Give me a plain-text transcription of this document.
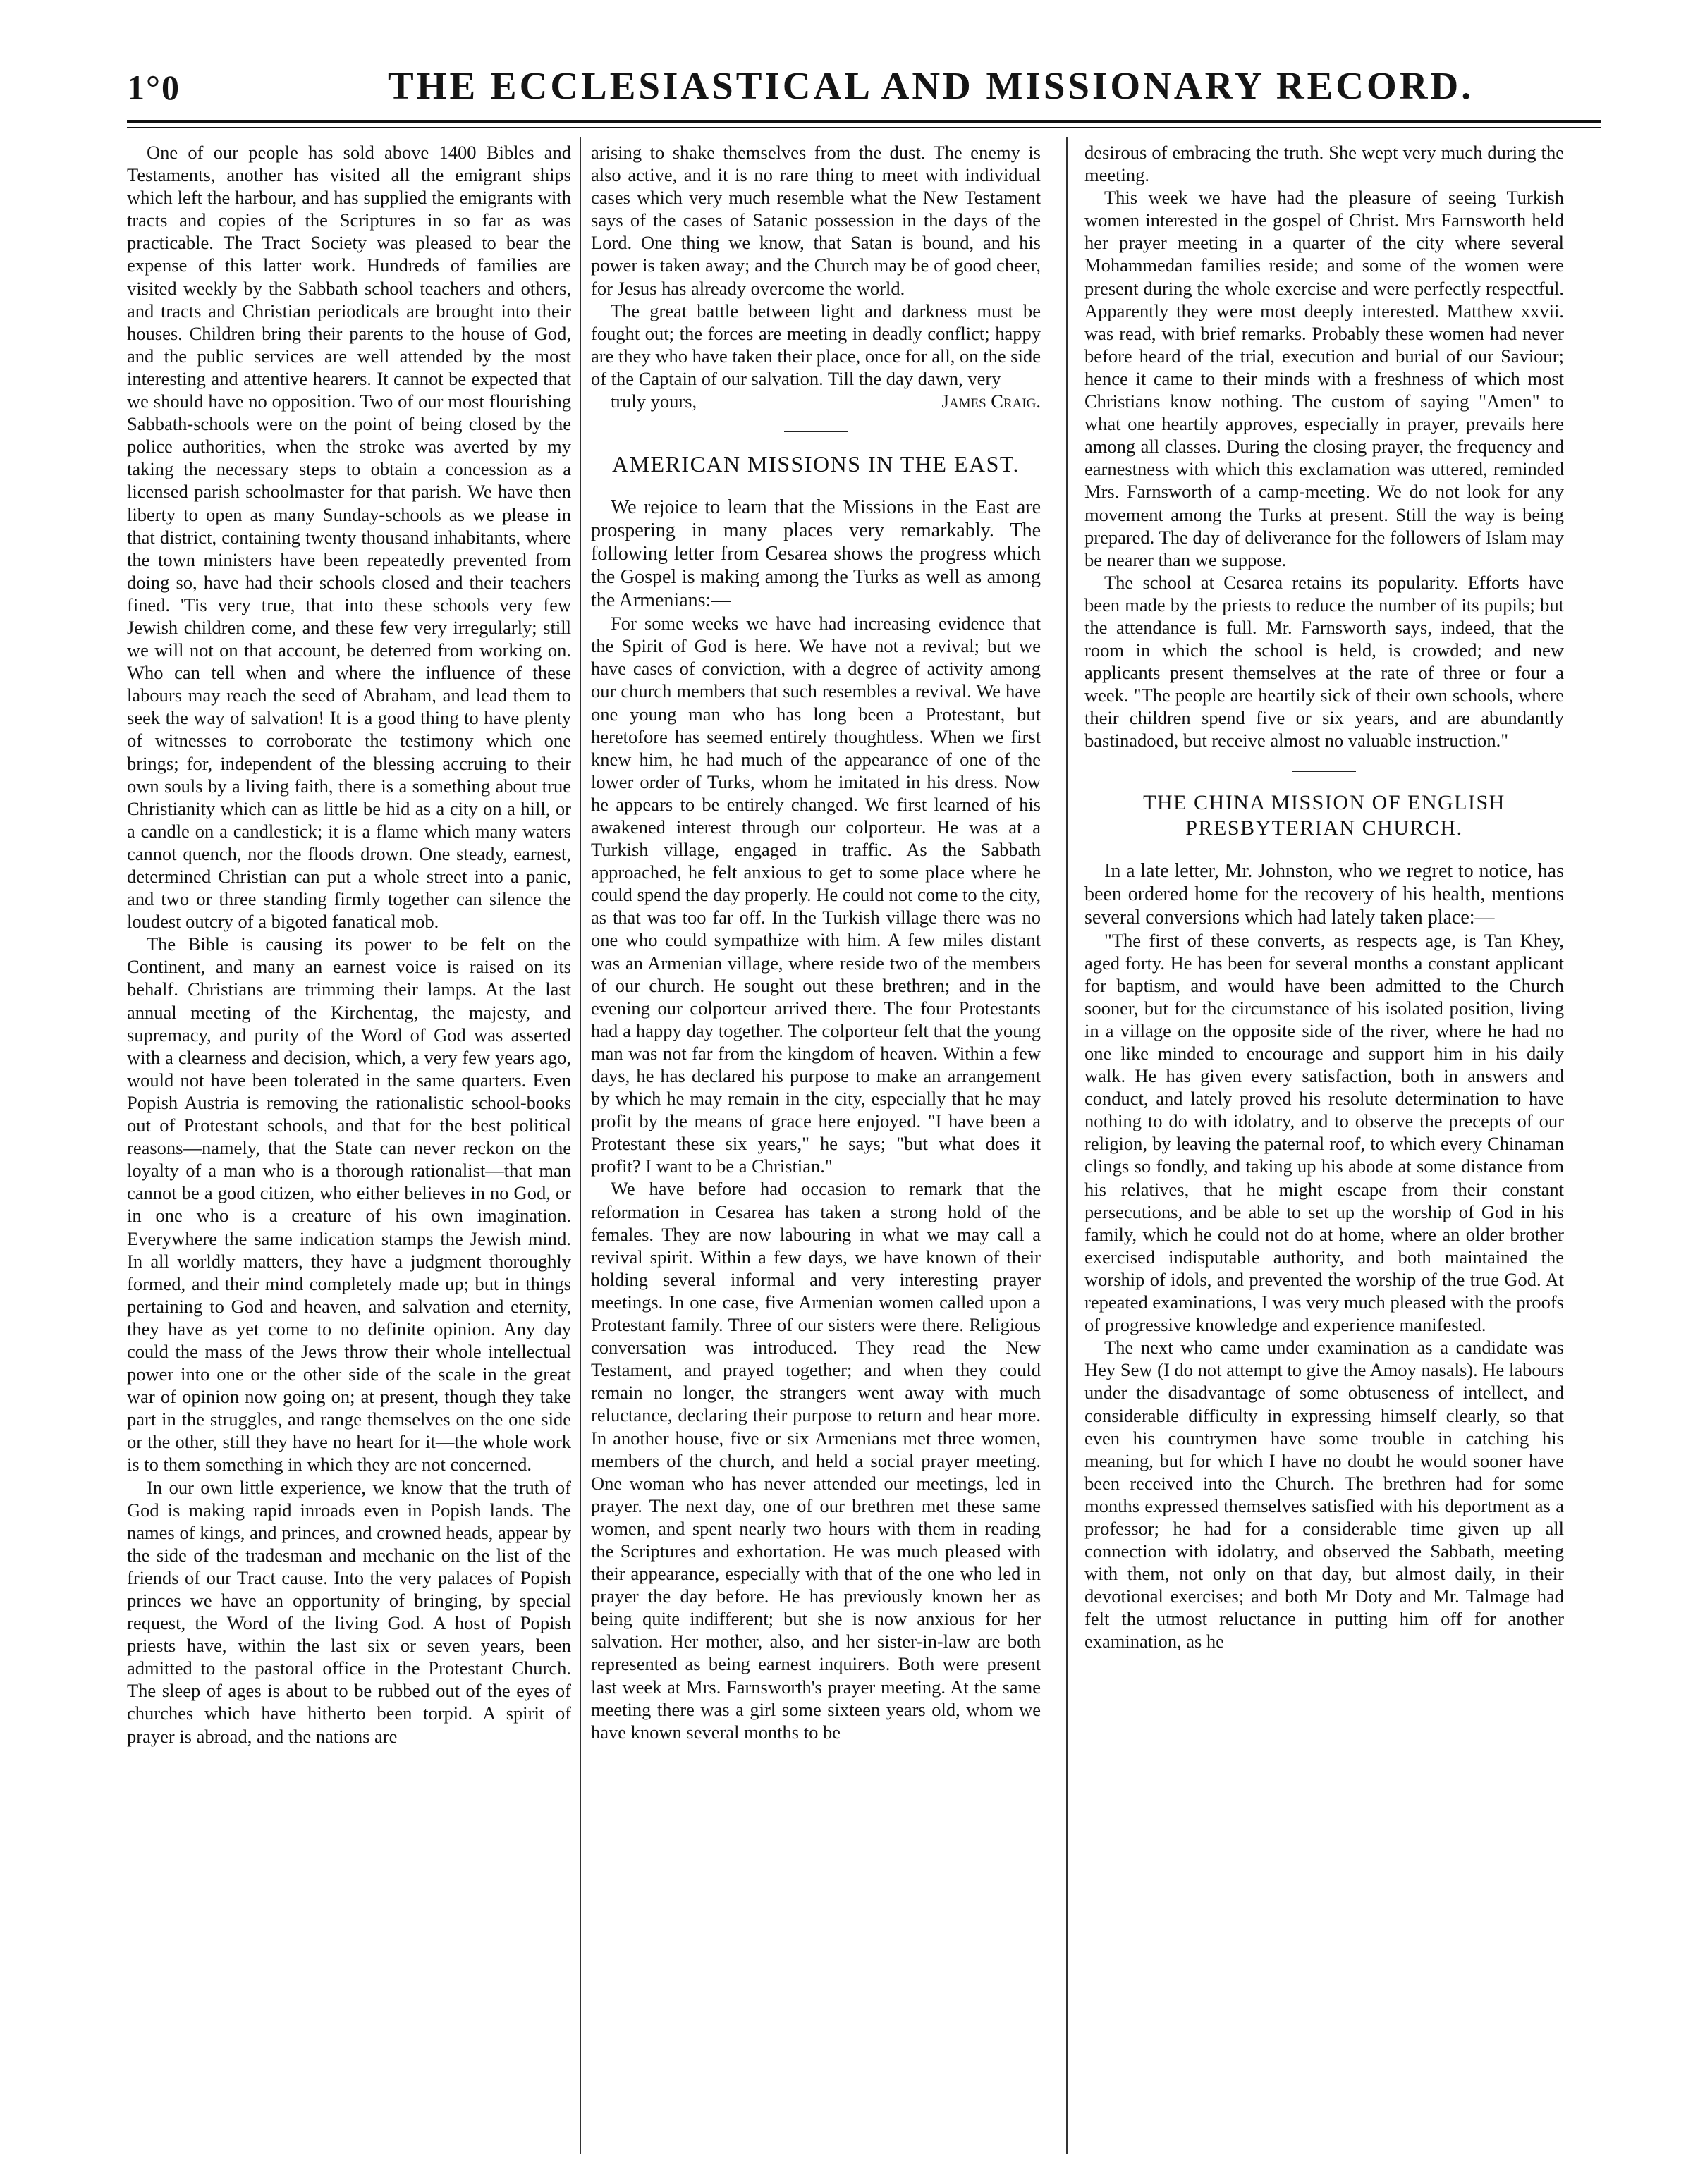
1°0	THE ECCLESIASTICAL AND MISSIONARY RECORD.

One of our people has sold above 1400 Bibles and Testaments, another has visited all the emigrant ships which left the harbour, and has supplied the emigrants with tracts and copies of the Scriptures in so far as was practicable. The Tract Society was pleased to bear the expense of this latter work. Hundreds of families are visited weekly by the Sabbath school teachers and others, and tracts and Christian periodicals are brought into their houses. Children bring their parents to the house of God, and the public services are well attended by the most interesting and attentive hearers. It cannot be expected that we should have no opposition. Two of our most flourishing Sabbath-schools were on the point of being closed by the police authorities, when the stroke was averted by my taking the necessary steps to obtain a concession as a licensed parish schoolmaster for that parish. We have then liberty to open as many Sunday-schools as we please in that district, containing twenty thousand inhabitants, where the town ministers have been repeatedly prevented from doing so, have had their schools closed and their teachers fined. 'Tis very true, that into these schools very few Jewish children come, and these few very irregularly; still we will not on that account, be deterred from working on. Who can tell when and where the influence of these labours may reach the seed of Abraham, and lead them to seek the way of salvation! It is a good thing to have plenty of witnesses to corroborate the testimony which one brings; for, independent of the blessing accruing to their own souls by a living faith, there is a something about true Christianity which can as little be hid as a city on a hill, or a candle on a candlestick; it is a flame which many waters cannot quench, nor the floods drown. One steady, earnest, determined Christian can put a whole street into a panic, and two or three standing firmly together can silence the loudest outcry of a bigoted fanatical mob.

The Bible is causing its power to be felt on the Continent, and many an earnest voice is raised on its behalf. Christians are trimming their lamps. At the last annual meeting of the Kirchentag, the majesty, and supremacy, and purity of the Word of God was asserted with a clearness and decision, which, a very few years ago, would not have been tolerated in the same quarters. Even Popish Austria is removing the rationalistic school-books out of Protestant schools, and that for the best political reasons—namely, that the State can never reckon on the loyalty of a man who is a thorough rationalist—that man cannot be a good citizen, who either believes in no God, or in one who is a creature of his own imagination. Everywhere the same indication stamps the Jewish mind. In all worldly matters, they have a judgment thoroughly formed, and their mind completely made up; but in things pertaining to God and heaven, and salvation and eternity, they have as yet come to no definite opinion. Any day could the mass of the Jews throw their whole intellectual power into one or the other side of the scale in the great war of opinion now going on; at present, though they take part in the struggles, and range themselves on the one side or the other, still they have no heart for it—the whole work is to them something in which they are not concerned.

In our own little experience, we know that the truth of God is making rapid inroads even in Popish lands. The names of kings, and princes, and crowned heads, appear by the side of the tradesman and mechanic on the list of the friends of our Tract cause. Into the very palaces of Popish princes we have an opportunity of bringing, by special request, the Word of the living God. A host of Popish priests have, within the last six or seven years, been admitted to the pastoral office in the Protestant Church. The sleep of ages is about to be rubbed out of the eyes of churches which have hitherto been torpid. A spirit of prayer is abroad, and the nations are

arising to shake themselves from the dust. The enemy is also active, and it is no rare thing to meet with individual cases which very much resemble what the New Testament says of the cases of Satanic possession in the days of the Lord. One thing we know, that Satan is bound, and his power is taken away; and the Church may be of good cheer, for Jesus has already overcome the world.

The great battle between light and darkness must be fought out; the forces are meeting in deadly conflict; happy are they who have taken their place, once for all, on the side of the Captain of our salvation. Till the day dawn, very

truly yours,	James Craig.

AMERICAN MISSIONS IN THE EAST.

We rejoice to learn that the Missions in the East are prospering in many places very remarkably. The following letter from Cesarea shows the progress which the Gospel is making among the Turks as well as among the Armenians:—

For some weeks we have had increasing evidence that the Spirit of God is here. We have not a revival; but we have cases of conviction, with a degree of activity among our church members that such resembles a revival. We have one young man who has long been a Protestant, but heretofore has seemed entirely thoughtless. When we first knew him, he had much of the appearance of one of the lower order of Turks, whom he imitated in his dress. Now he appears to be entirely changed. We first learned of his awakened interest through our colporteur. He was at a Turkish village, engaged in traffic. As the Sabbath approached, he felt anxious to get to some place where he could spend the day properly. He could not come to the city, as that was too far off. In the Turkish village there was no one who could sympathize with him. A few miles distant was an Armenian village, where reside two of the members of our church. He sought out these brethren; and in the evening our colporteur arrived there. The four Protestants had a happy day together. The colporteur felt that the young man was not far from the kingdom of heaven. Within a few days, he has declared his purpose to make an arrangement by which he may remain in the city, especially that he may profit by the means of grace here enjoyed. "I have been a Protestant these six years," he says; "but what does it profit? I want to be a Christian."

We have before had occasion to remark that the reformation in Cesarea has taken a strong hold of the females. They are now labouring in what we may call a revival spirit. Within a few days, we have known of their holding several informal and very interesting prayer meetings. In one case, five Armenian women called upon a Protestant family. Three of our sisters were there. Religious conversation was introduced. They read the New Testament, and prayed together; and when they could remain no longer, the strangers went away with much reluctance, declaring their purpose to return and hear more. In another house, five or six Armenians met three women, members of the church, and held a social prayer meeting. One woman who has never attended our meetings, led in prayer. The next day, one of our brethren met these same women, and spent nearly two hours with them in reading the Scriptures and exhortation. He was much pleased with their appearance, especially with that of the one who led in prayer the day before. He has previously known her as being quite indifferent; but she is now anxious for her salvation. Her mother, also, and her sister-in-law are both represented as being earnest inquirers. Both were present last week at Mrs. Farnsworth's prayer meeting. At the same meeting there was a girl some sixteen years old, whom we have known several months to be

desirous of embracing the truth. She wept very much during the meeting.

This week we have had the pleasure of seeing Turkish women interested in the gospel of Christ. Mrs Farnsworth held her prayer meeting in a quarter of the city where several Mohammedan families reside; and some of the women were present during the whole exercise and were perfectly respectful. Apparently they were most deeply interested. Matthew xxvii. was read, with brief remarks. Probably these women had never before heard of the trial, execution and burial of our Saviour; hence it came to their minds with a freshness of which most Christians know nothing. The custom of saying "Amen" to what one heartily approves, especially in prayer, prevails here among all classes. During the closing prayer, the frequency and earnestness with which this exclamation was uttered, reminded Mrs. Farnsworth of a camp-meeting. We do not look for any movement among the Turks at present. Still the way is being prepared. The day of deliverance for the followers of Islam may be nearer than we suppose.

The school at Cesarea retains its popularity. Efforts have been made by the priests to reduce the number of its pupils; but the attendance is full. Mr. Farnsworth says, indeed, that the room in which the school is held, is crowded; and new applicants present themselves at the rate of three or four a week. "The people are heartily sick of their own schools, where their children spend five or six years, and are abundantly bastinadoed, but receive almost no valuable instruction."

THE CHINA MISSION OF ENGLISH PRESBYTERIAN CHURCH.

In a late letter, Mr. Johnston, who we regret to notice, has been ordered home for the recovery of his health, mentions several conversions which had lately taken place:—

"The first of these converts, as respects age, is Tan Khey, aged forty. He has been for several months a constant applicant for baptism, and would have been admitted to the Church sooner, but for the circumstance of his isolated position, living in a village on the opposite side of the river, where he had no one like minded to encourage and support him in his daily walk. He has given every satisfaction, both in answers and conduct, and lately proved his resolute determination to have nothing to do with idolatry, and to observe the precepts of our religion, by leaving the paternal roof, to which every Chinaman clings so fondly, and taking up his abode at some distance from his relatives, that he might escape from their constant persecutions, and be able to set up the worship of God in his family, which he could not do at home, where an older brother exercised indisputable authority, and both maintained the worship of idols, and prevented the worship of the true God. At repeated examinations, I was very much pleased with the proofs of progressive knowledge and experience manifested.

The next who came under examination as a candidate was Hey Sew (I do not attempt to give the Amoy nasals). He labours under the disadvantage of some obtuseness of intellect, and considerable difficulty in expressing himself clearly, so that even his countrymen have some trouble in catching his meaning, but for which I have no doubt he would sooner have been received into the Church. The brethren had for some months expressed themselves satisfied with his deportment as a professor; he had for a considerable time given up all connection with idolatry, and observed the Sabbath, meeting with them, not only on that day, but almost daily, in their devotional exercises; and both Mr Doty and Mr. Talmage had felt the utmost reluctance in putting him off for another examination, as he
